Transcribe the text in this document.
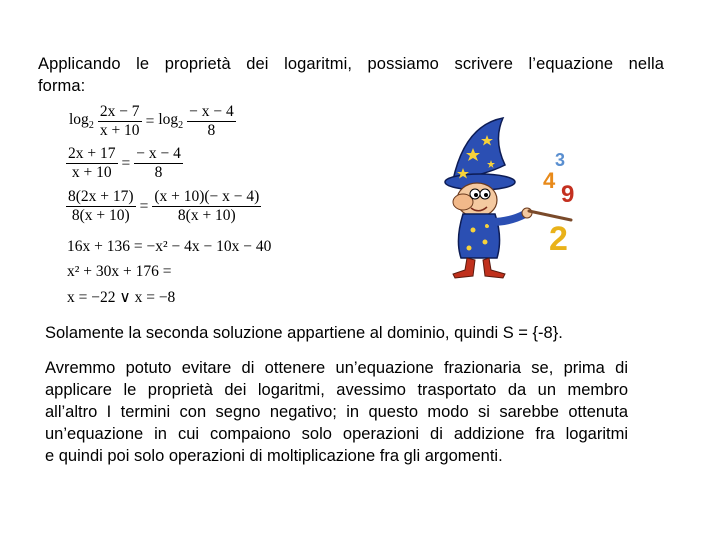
Applicando le proprietà dei logaritmi, possiamo scrivere l’equazione nella
forma:
$\log_2 \frac{2x - 7}{x + 10} = \log_2 \frac{- x - 4}{8}$
$\frac{2x + 17}{x + 10} = \frac{- x - 4}{8}$
$\frac{8(2x + 17)}{8(x + 10)} = \frac{(x + 10)(- x - 4)}{8(x + 10)}$
16x + 136 = −x² − 4x − 10x − 40
x² + 30x + 176 =
x = −22 ∨ x = −8
3
4
9
2
Solamente la seconda soluzione appartiene al dominio, quindi S = {-8}.
Avremmo potuto evitare di ottenere un’equazione frazionaria se, prima di
applicare le proprietà dei logaritmi, avessimo trasportato da un membro
all’altro I termini con segno negativo; in questo modo si sarebbe ottenuta
un’equazione in cui compaiono solo operazioni di addizione fra logaritmi
e quindi poi solo operazioni di moltiplicazione fra gli argomenti.
